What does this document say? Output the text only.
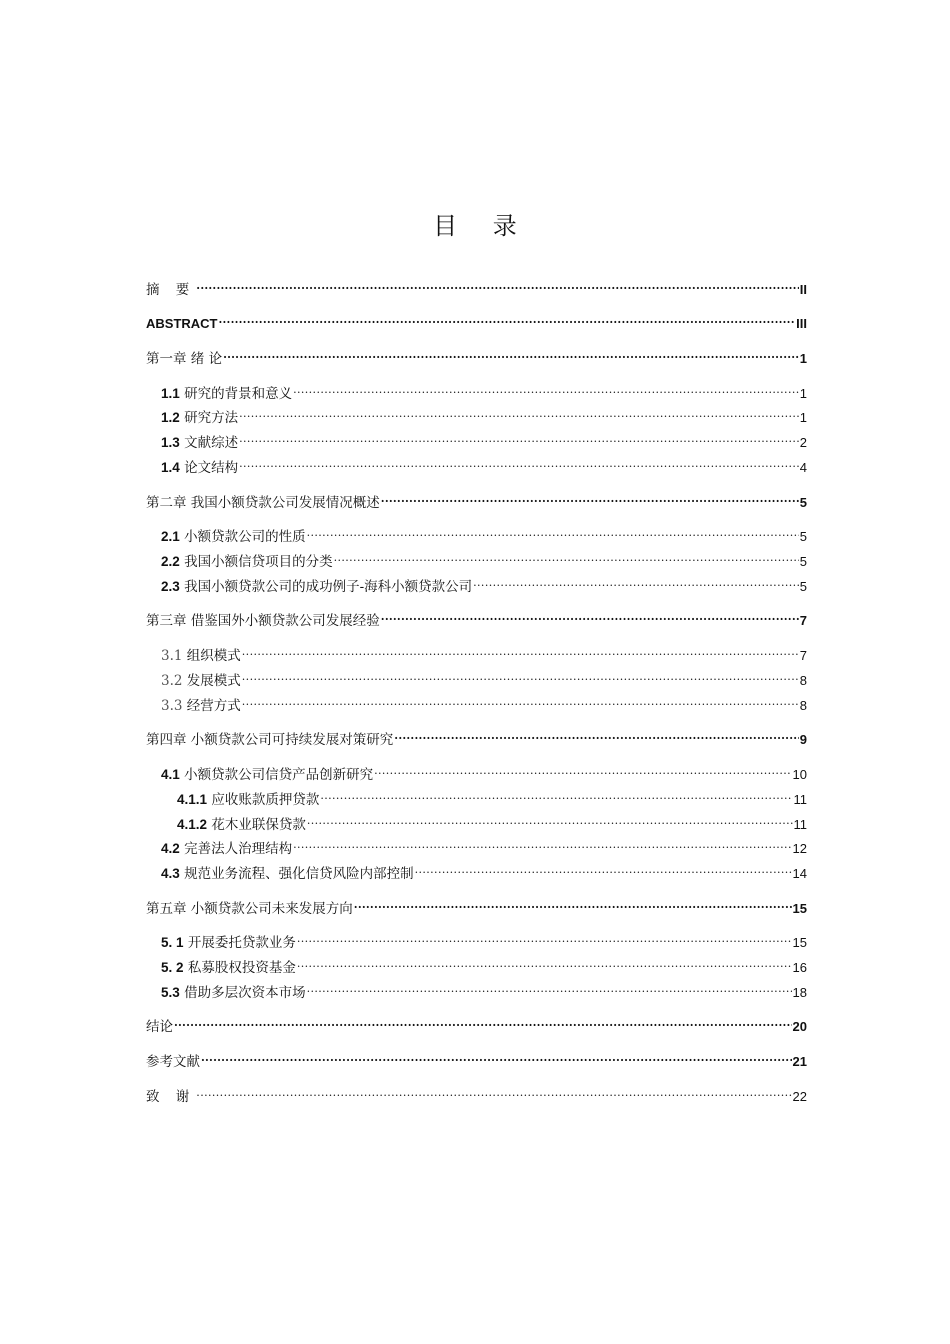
目 录
摘 要 .....	II
ABSTRACT .....	III
第一章 绪 论 .....	1
1.1 研究的背景和意义 .....	1
1.2 研究方法 .....	1
1.3 文献综述 .....	2
1.4 论文结构 .....	4
第二章 我国小额贷款公司发展情况概述 .....	5
2.1 小额贷款公司的性质 .....	5
2.2 我国小额信贷项目的分类 .....	5
2.3 我国小额贷款公司的成功例子-海科小额贷款公司 .....	5
第三章 借鉴国外小额贷款公司发展经验 .....	7
3.1 组织模式 .....	7
3.2 发展模式 .....	8
3.3 经营方式 .....	8
第四章 小额贷款公司可持续发展对策研究 .....	9
4.1 小额贷款公司信贷产品创新研究 .....	10
4.1.1 应收账款质押贷款 .....	11
4.1.2 花木业联保贷款 .....	11
4.2 完善法人治理结构 .....	12
4.3 规范业务流程、强化信贷风险内部控制 .....	14
第五章 小额贷款公司未来发展方向 .....	15
5. 1 开展委托贷款业务 .....	15
5. 2 私募股权投资基金 .....	16
5.3 借助多层次资本市场 .....	18
结论 .....	20
参考文献 .....	21
致 谢 .....	22
